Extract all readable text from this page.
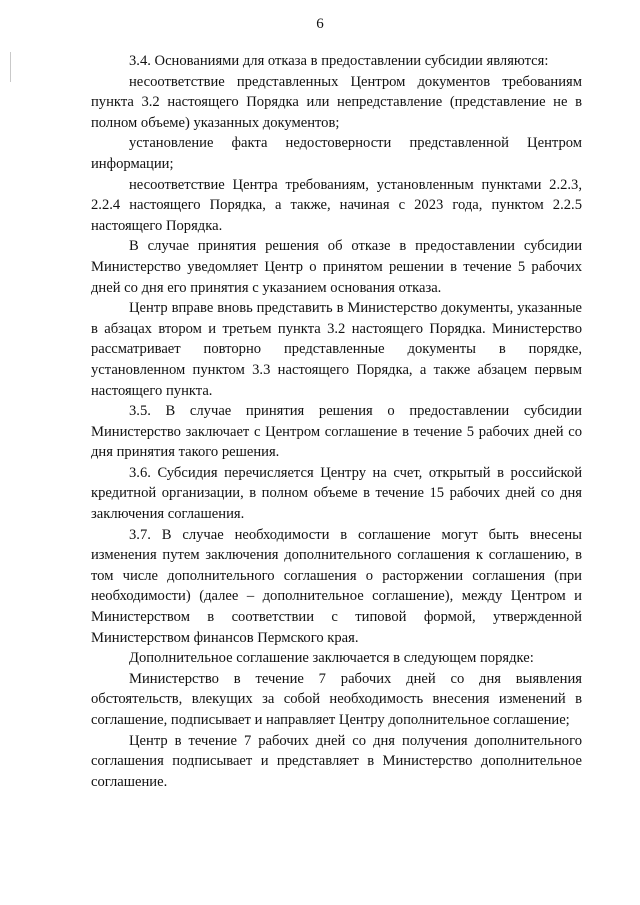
6

3.4. Основаниями для отказа в предоставлении субсидии являются:

несоответствие представленных Центром документов требованиям пункта 3.2 настоящего Порядка или непредставление (представление не в полном объеме) указанных документов;

установление факта недостоверности представленной Центром информации;

несоответствие Центра требованиям, установленным пунктами 2.2.3, 2.2.4 настоящего Порядка, а также, начиная с 2023 года, пунктом 2.2.5 настоящего Порядка.

В случае принятия решения об отказе в предоставлении субсидии Министерство уведомляет Центр о принятом решении в течение 5 рабочих дней со дня его принятия с указанием основания отказа.

Центр вправе вновь представить в Министерство документы, указанные в абзацах втором и третьем пункта 3.2 настоящего Порядка. Министерство рассматривает повторно представленные документы в порядке, установленном пунктом 3.3 настоящего Порядка, а также абзацем первым настоящего пункта.

3.5. В случае принятия решения о предоставлении субсидии Министерство заключает с Центром соглашение в течение 5 рабочих дней со дня принятия такого решения.

3.6. Субсидия перечисляется Центру на счет, открытый в российской кредитной организации, в полном объеме в течение 15 рабочих дней со дня заключения соглашения.

3.7. В случае необходимости в соглашение могут быть внесены изменения путем заключения дополнительного соглашения к соглашению, в том числе дополнительного соглашения о расторжении соглашения (при необходимости) (далее – дополнительное соглашение), между Центром и Министерством в соответствии с типовой формой, утвержденной Министерством финансов Пермского края.

Дополнительное соглашение заключается в следующем порядке:

Министерство в течение 7 рабочих дней со дня выявления обстоятельств, влекущих за собой необходимость внесения изменений в соглашение, подписывает и направляет Центру дополнительное соглашение;

Центр в течение 7 рабочих дней со дня получения дополнительного соглашения подписывает и представляет в Министерство дополнительное соглашение.
